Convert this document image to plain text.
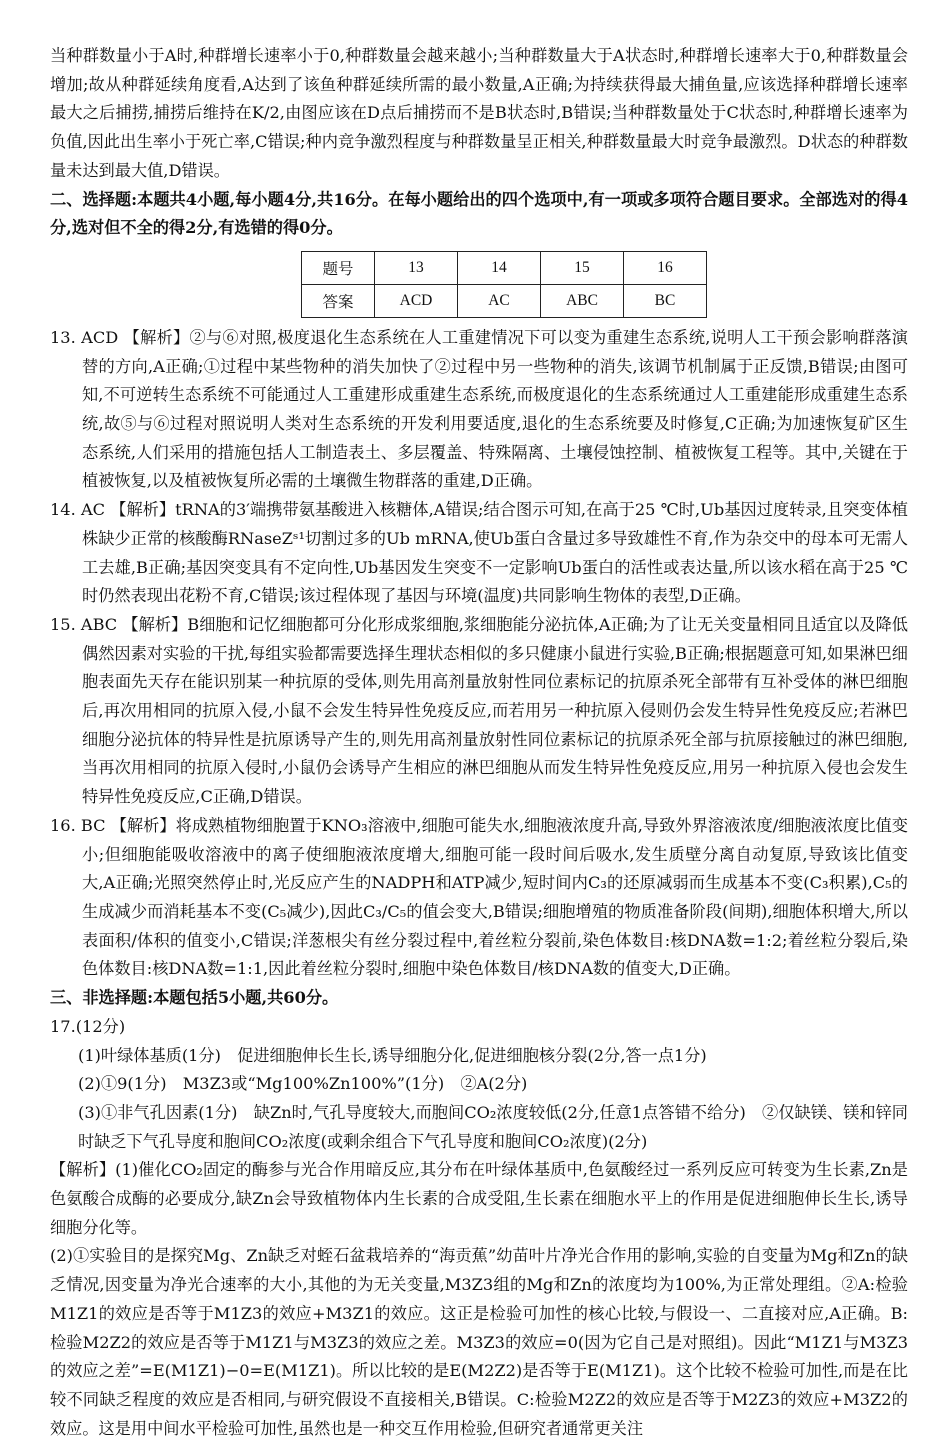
当种群数量小于A时,种群增长速率小于0,种群数量会越来越小;当种群数量大于A状态时,种群增长速率大于0,种群数量会增加;故从种群延续角度看,A达到了该鱼种群延续所需的最小数量,A正确;为持续获得最大捕鱼量,应该选择种群增长速率最大之后捕捞,捕捞后维持在K/2,由图应该在D点后捕捞而不是B状态时,B错误;当种群数量处于C状态时,种群增长速率为负值,因此出生率小于死亡率,C错误;种内竞争激烈程度与种群数量呈正相关,种群数量最大时竞争最激烈。D状态的种群数量未达到最大值,D错误。

二、选择题:本题共4小题,每小题4分,共16分。在每小题给出的四个选项中,有一项或多项符合题目要求。全部选对的得4分,选对但不全的得2分,有选错的得0分。

题号	13	14	15	16
答案	ACD	AC	ABC	BC

13. ACD 【解析】②与⑥对照,极度退化生态系统在人工重建情况下可以变为重建生态系统,说明人工干预会影响群落演替的方向,A正确;①过程中某些物种的消失加快了②过程中另一些物种的消失,该调节机制属于正反馈,B错误;由图可知,不可逆转生态系统不可能通过人工重建形成重建生态系统,而极度退化的生态系统通过人工重建能形成重建生态系统,故⑤与⑥过程对照说明人类对生态系统的开发利用要适度,退化的生态系统要及时修复,C正确;为加速恢复矿区生态系统,人们采用的措施包括人工制造表土、多层覆盖、特殊隔离、土壤侵蚀控制、植被恢复工程等。其中,关键在于植被恢复,以及植被恢复所必需的土壤微生物群落的重建,D正确。

14. AC 【解析】tRNA的3′端携带氨基酸进入核糖体,A错误;结合图示可知,在高于25 ℃时,Ub基因过度转录,且突变体植株缺少正常的核酸酶RNaseZˢ¹切割过多的Ub mRNA,使Ub蛋白含量过多导致雄性不育,作为杂交中的母本可无需人工去雄,B正确;基因突变具有不定向性,Ub基因发生突变不一定影响Ub蛋白的活性或表达量,所以该水稻在高于25 ℃时仍然表现出花粉不育,C错误;该过程体现了基因与环境(温度)共同影响生物体的表型,D正确。

15. ABC 【解析】B细胞和记忆细胞都可分化形成浆细胞,浆细胞能分泌抗体,A正确;为了让无关变量相同且适宜以及降低偶然因素对实验的干扰,每组实验都需要选择生理状态相似的多只健康小鼠进行实验,B正确;根据题意可知,如果淋巴细胞表面先天存在能识别某一种抗原的受体,则先用高剂量放射性同位素标记的抗原杀死全部带有互补受体的淋巴细胞后,再次用相同的抗原入侵,小鼠不会发生特异性免疫反应,而若用另一种抗原入侵则仍会发生特异性免疫反应;若淋巴细胞分泌抗体的特异性是抗原诱导产生的,则先用高剂量放射性同位素标记的抗原杀死全部与抗原接触过的淋巴细胞,当再次用相同的抗原入侵时,小鼠仍会诱导产生相应的淋巴细胞从而发生特异性免疫反应,用另一种抗原入侵也会发生特异性免疫反应,C正确,D错误。

16. BC 【解析】将成熟植物细胞置于KNO₃溶液中,细胞可能失水,细胞液浓度升高,导致外界溶液浓度/细胞液浓度比值变小;但细胞能吸收溶液中的离子使细胞液浓度增大,细胞可能一段时间后吸水,发生质壁分离自动复原,导致该比值变大,A正确;光照突然停止时,光反应产生的NADPH和ATP减少,短时间内C₃的还原减弱而生成基本不变(C₃积累),C₅的生成减少而消耗基本不变(C₅减少),因此C₃/C₅的值会变大,B错误;细胞增殖的物质准备阶段(间期),细胞体积增大,所以表面积/体积的值变小,C错误;洋葱根尖有丝分裂过程中,着丝粒分裂前,染色体数目:核DNA数=1:2;着丝粒分裂后,染色体数目:核DNA数=1:1,因此着丝粒分裂时,细胞中染色体数目/核DNA数的值变大,D正确。

三、非选择题:本题包括5小题,共60分。

17.(12分)

(1)叶绿体基质(1分)　促进细胞伸长生长,诱导细胞分化,促进细胞核分裂(2分,答一点1分)

(2)①9(1分)　M3Z3或“Mg100%Zn100%”(1分)　②A(2分)

(3)①非气孔因素(1分)　缺Zn时,气孔导度较大,而胞间CO₂浓度较低(2分,任意1点答错不给分)　②仅缺镁、镁和锌同时缺乏下气孔导度和胞间CO₂浓度(或剩余组合下气孔导度和胞间CO₂浓度)(2分)

【解析】(1)催化CO₂固定的酶参与光合作用暗反应,其分布在叶绿体基质中,色氨酸经过一系列反应可转变为生长素,Zn是色氨酸合成酶的必要成分,缺Zn会导致植物体内生长素的合成受阻,生长素在细胞水平上的作用是促进细胞伸长生长,诱导细胞分化等。

(2)①实验目的是探究Mg、Zn缺乏对蛭石盆栽培养的“海贡蕉”幼苗叶片净光合作用的影响,实验的自变量为Mg和Zn的缺乏情况,因变量为净光合速率的大小,其他的为无关变量,M3Z3组的Mg和Zn的浓度均为100%,为正常处理组。②A:检验M1Z1的效应是否等于M1Z3的效应+M3Z1的效应。这正是检验可加性的核心比较,与假设一、二直接对应,A正确。B:检验M2Z2的效应是否等于M1Z1与M3Z3的效应之差。M3Z3的效应=0(因为它自己是对照组)。因此“M1Z1与M3Z3的效应之差”=E(M1Z1)−0=E(M1Z1)。所以比较的是E(M2Z2)是否等于E(M1Z1)。这个比较不检验可加性,而是在比较不同缺乏程度的效应是否相同,与研究假设不直接相关,B错误。C:检验M2Z2的效应是否等于M2Z3的效应+M3Z2的效应。这是用中间水平检验可加性,虽然也是一种交互作用检验,但研究者通常更关注
